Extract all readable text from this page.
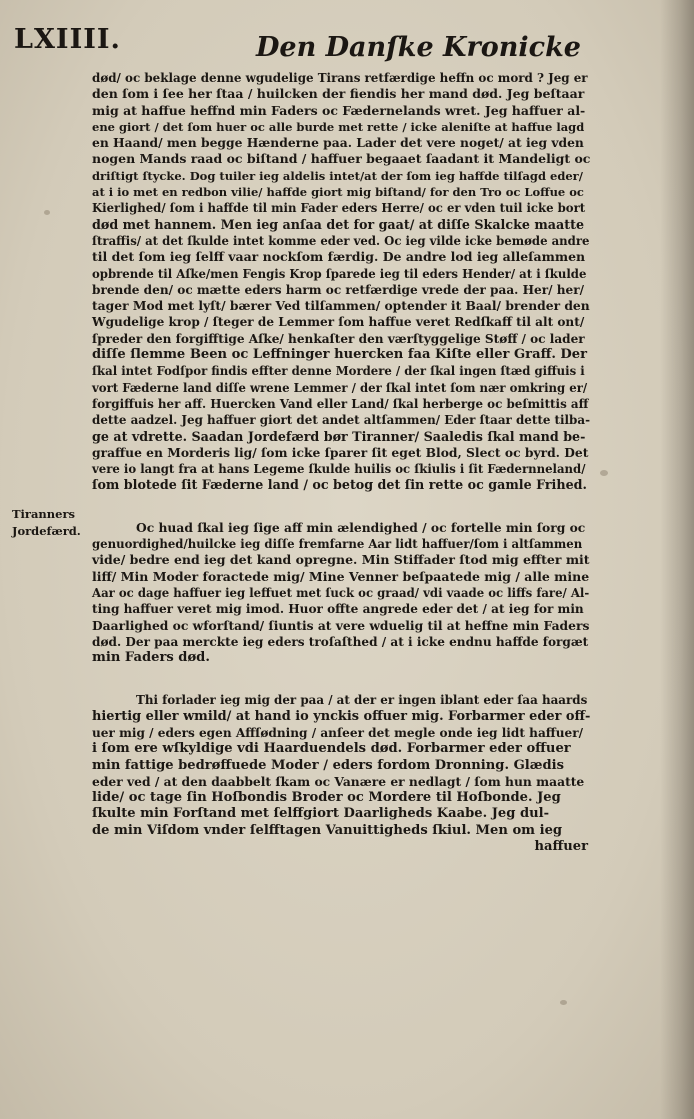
LXIIII.	Den Danſke Kronicke
Tiranners
Jordefærd.
død/ oc beklage denne wgudelige Tirans retfærdige heffn oc mord ? Jeg er
den ſom i ſee her ſtaa / huilcken der fiendis her mand død. Jeg beſtaar
mig at haffue heffnd min Faders oc Fædernelands wret. Jeg haffuer al-
ene giort / det ſom huer oc alle burde met rette / icke aleniſte at haffue lagd
en Haand/ men begge Hænderne paa. Lader det vere noget/ at ieg vden
nogen Mands raad oc biſtand / haffuer begaaet ſaadant it Mandeligt oc
driſtigt ſtycke. Dog tuiler ieg aldelis intet/at der ſom ieg haffde tilſagd eder/
at i io met en redbon vilie/ haffde giort mig biſtand/ for den Tro oc Loffue oc
Kierlighed/ ſom i haffde til min Fader eders Herre/ oc er vden tuil icke bort
død met hannem. Men ieg anſaa det for gaat/ at diſſe Skalcke maatte
ſtraffis/ at det ſkulde intet komme eder ved. Oc ieg vilde icke bemøde andre
til det ſom ieg ſelff vaar nockſom færdig. De andre lod ieg alleſammen
opbrende til Aſke/men Fengis Krop ſparede ieg til eders Hender/ at i ſkulde
brende den/ oc mætte eders harm oc retfærdige vrede der paa. Her/ her/
tager Mod met lyſt/ bærer Ved tilſammen/ optender it Baal/ brender den
Wgudelige krop / ſteger de Lemmer ſom haffue veret Redſkaff til alt ont/
ſpreder den forgifftige Aſke/ henkaſter den værſtyggelige Støff / oc lader
diſſe ſlemme Been oc Leffninger huercken faa Kiſte eller Graff. Der
ſkal intet Fodſpor findis effter denne Mordere / der ſkal ingen ſtæd giffuis i
vort Fæderne land diſſe wrene Lemmer / der ſkal intet ſom nær omkring er/
forgiffuis her aff. Huercken Vand eller Land/ ſkal herberge oc beſmittis aff
dette aadzel. Jeg haffuer giort det andet altſammen/ Eder ſtaar dette tilba-
ge at vdrette. Saadan Jordefærd bør Tiranner/ Saaledis ſkal mand be-
graffue en Morderis lig/ ſom icke ſparer ſit eget Blod, Slect oc byrd. Det
vere io langt fra at hans Legeme ſkulde huilis oc ſkiulis i ſit Fædernneland/
ſom blotede ſit Fæderne land / oc betog det ſin rette oc gamle Frihed.
Oc huad ſkal ieg ſige aff min ælendighed / oc fortelle min ſorg oc
genuordighed/huilcke ieg diſſe fremfarne Aar lidt haffuer/ſom i altſammen
vide/ bedre end ieg det kand opregne. Min Stiffader ſtod mig effter mit
liff/ Min Moder foractede mig/ Mine Venner beſpaatede mig / alle mine
Aar oc dage haffuer ieg leffuet met ſuck oc graad/ vdi vaade oc liffs fare/ Al-
ting haffuer veret mig imod. Huor offte angrede eder det / at ieg for min
Daarlighed oc wforſtand/ ſiuntis at vere wduelig til at heffne min Faders
død. Der paa merckte ieg eders troſaſthed / at i icke endnu haffde forgæt
min Faders død.
Thi forlader ieg mig der paa / at der er ingen iblant eder ſaa haards
hiertig eller wmild/ at hand io ynckis offuer mig. Forbarmer eder off-
uer mig / eders egen Affſødning / anſeer det megle onde ieg lidt haffuer/
i ſom ere wſkyldige vdi Haarduendels død. Forbarmer eder offuer
min fattige bedrøffuede Moder / eders fordom Dronning. Glædis
eder ved / at den daabbelt ſkam oc Vanære er nedlagt / ſom hun maatte
lide/ oc tage ſin Hoſbondis Broder oc Mordere til Hoſbonde. Jeg
ſkulte min Forſtand met ſelffgiort Daarligheds Kaabe. Jeg dul-
de min Viſdom vnder ſelfftagen Vanuittigheds ſkiul. Men om ieg
haffuer
